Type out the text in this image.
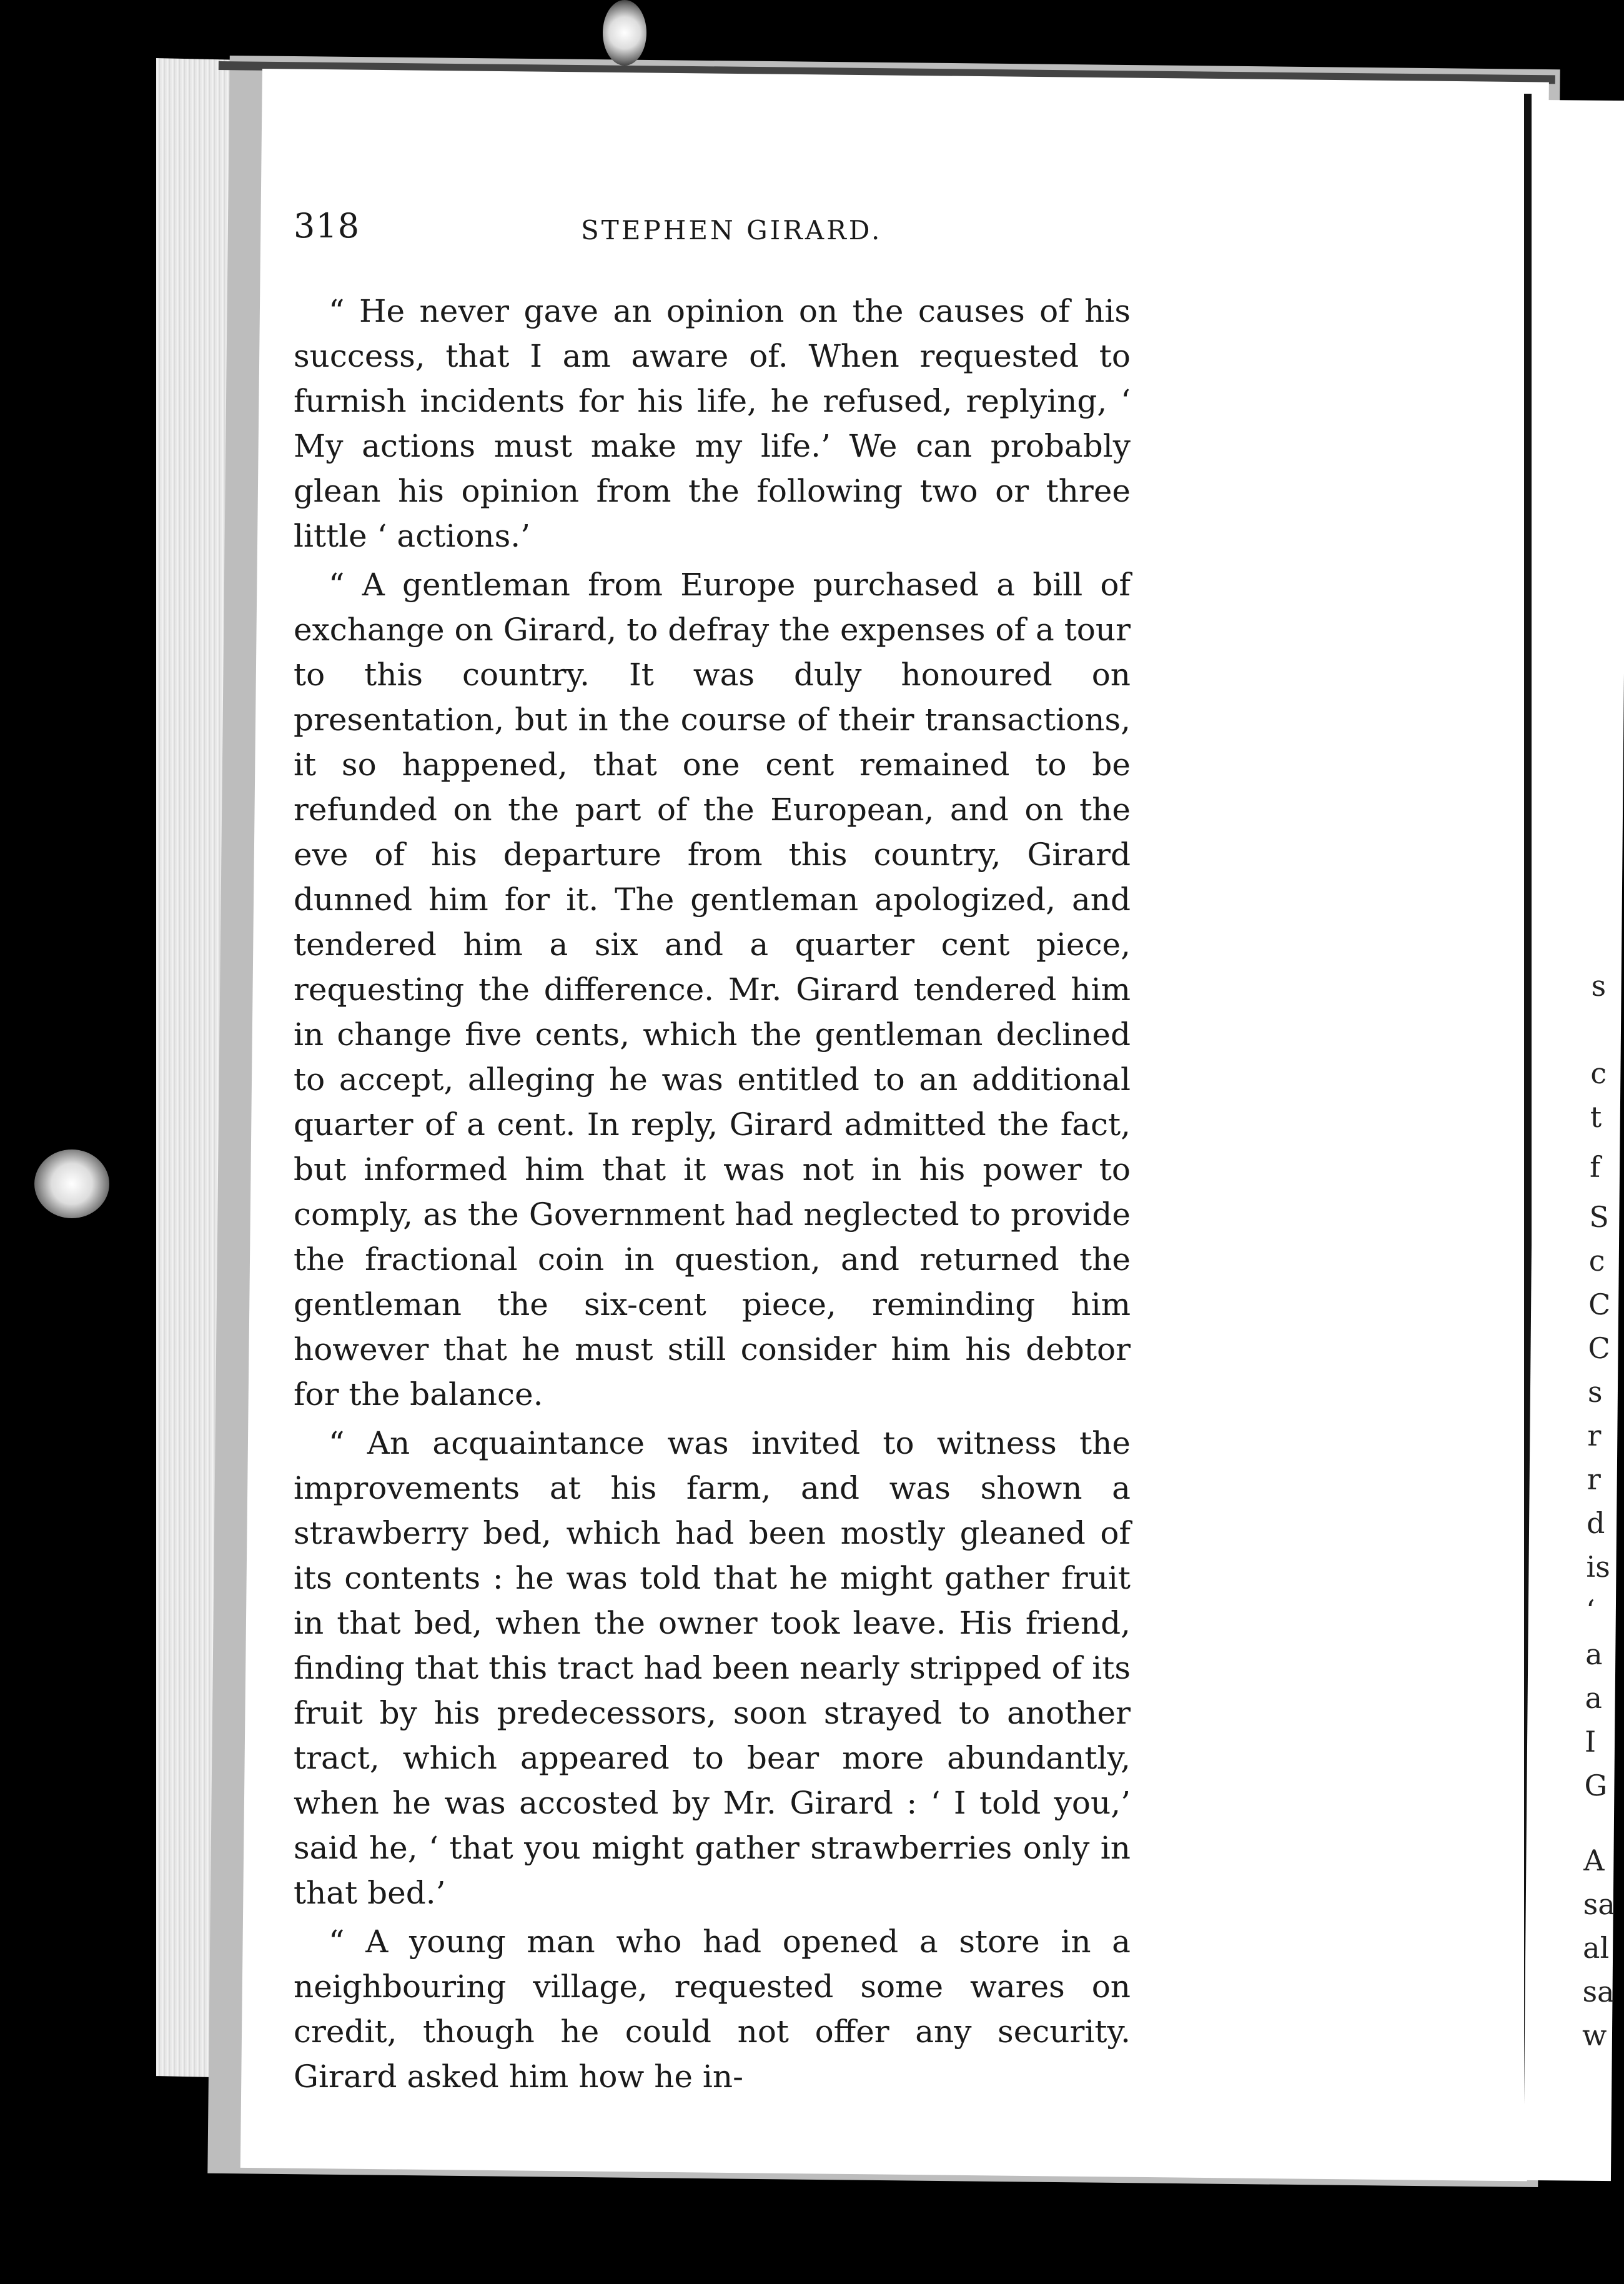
s
c
t
f
S
c
C
C
s
r
r
d
is
‘
a
a
I
G
A
sa
al
sa
w
318	STEPHEN GIRARD.

“ He never gave an opinion on the causes of his success, that I am aware of. When requested to furnish incidents for his life, he refused, replying, ‘ My actions must make my life.’ We can probably glean his opinion from the following two or three little ‘ actions.’

“ A gentleman from Europe purchased a bill of exchange on Girard, to defray the expenses of a tour to this country. It was duly honoured on presentation, but in the course of their transactions, it so happened, that one cent remained to be refunded on the part of the European, and on the eve of his departure from this country, Girard dunned him for it. The gentleman apologized, and tendered him a six and a quarter cent piece, requesting the difference. Mr. Girard tendered him in change five cents, which the gentleman declined to accept, alleging he was entitled to an additional quarter of a cent. In reply, Girard admitted the fact, but informed him that it was not in his power to comply, as the Government had neglected to provide the fractional coin in question, and returned the gentleman the six-cent piece, reminding him however that he must still consider him his debtor for the balance.

“ An acquaintance was invited to witness the improvements at his farm, and was shown a strawberry bed, which had been mostly gleaned of its contents : he was told that he might gather fruit in that bed, when the owner took leave. His friend, finding that this tract had been nearly stripped of its fruit by his predecessors, soon strayed to another tract, which appeared to bear more abundantly, when he was accosted by Mr. Girard : ‘ I told you,’ said he, ‘ that you might gather strawberries only in that bed.’

“ A young man who had opened a store in a neighbouring village, requested some wares on credit, though he could not offer any security. Girard asked him how he in-
